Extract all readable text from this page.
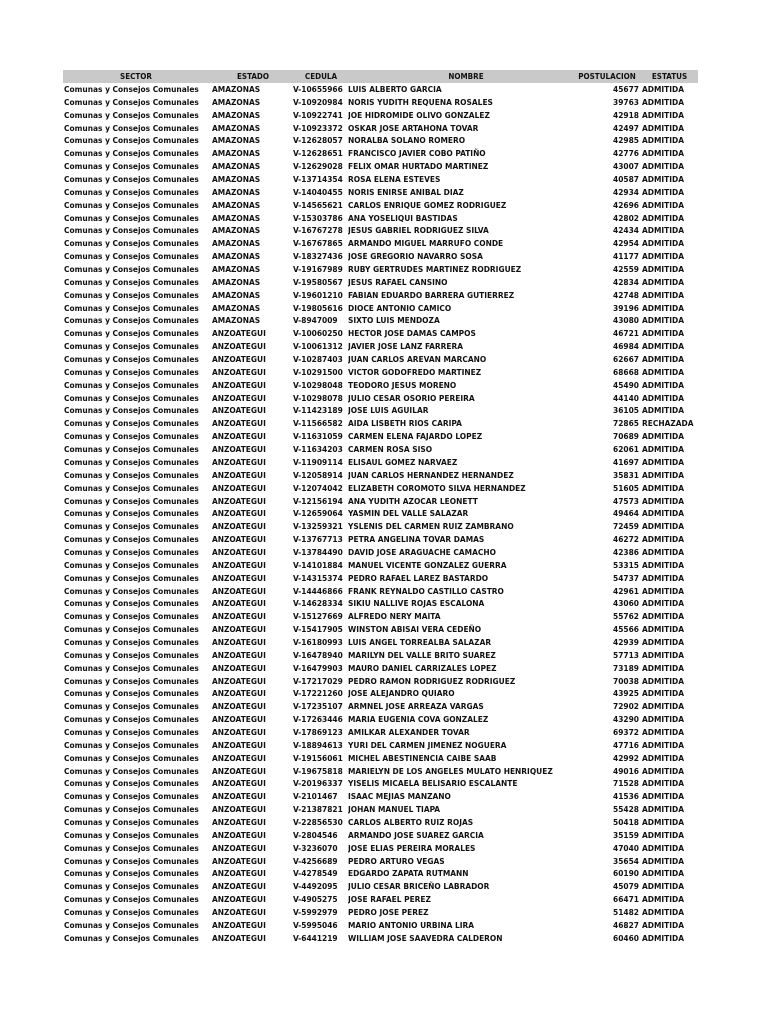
SECTOR	ESTADO	CEDULA	NOMBRE	POSTULACION	ESTATUS
Comunas y Consejos Comunales	AMAZONAS	V-10655966 LUIS ALBERTO GARCIA	45677 ADMITIDA
Comunas y Consejos Comunales	AMAZONAS	V-10920984 NORIS YUDITH REQUENA ROSALES	39763 ADMITIDA
Comunas y Consejos Comunales	AMAZONAS	V-10922741 JOE HIDROMIDE OLIVO GONZALEZ	42918 ADMITIDA
Comunas y Consejos Comunales	AMAZONAS	V-10923372 OSKAR JOSE ARTAHONA TOVAR	42497 ADMITIDA
Comunas y Consejos Comunales	AMAZONAS	V-12628057 NORALBA SOLANO ROMERO	42985 ADMITIDA
Comunas y Consejos Comunales	AMAZONAS	V-12628651 FRANCISCO JAVIER COBO PATIÑO	42776 ADMITIDA
Comunas y Consejos Comunales	AMAZONAS	V-12629028 FELIX OMAR HURTADO MARTINEZ	43007 ADMITIDA
Comunas y Consejos Comunales	AMAZONAS	V-13714354 ROSA ELENA ESTEVES	40587 ADMITIDA
Comunas y Consejos Comunales	AMAZONAS	V-14040455 NORIS ENIRSE ANIBAL DIAZ	42934 ADMITIDA
Comunas y Consejos Comunales	AMAZONAS	V-14565621 CARLOS ENRIQUE GOMEZ RODRIGUEZ	42696 ADMITIDA
Comunas y Consejos Comunales	AMAZONAS	V-15303786 ANA YOSELIQUI BASTIDAS	42802 ADMITIDA
Comunas y Consejos Comunales	AMAZONAS	V-16767278 JESUS GABRIEL RODRIGUEZ SILVA	42434 ADMITIDA
Comunas y Consejos Comunales	AMAZONAS	V-16767865 ARMANDO MIGUEL MARRUFO CONDE	42954 ADMITIDA
Comunas y Consejos Comunales	AMAZONAS	V-18327436 JOSE GREGORIO NAVARRO SOSA	41177 ADMITIDA
Comunas y Consejos Comunales	AMAZONAS	V-19167989 RUBY GERTRUDES MARTINEZ RODRIGUEZ	42559 ADMITIDA
Comunas y Consejos Comunales	AMAZONAS	V-19580567 JESUS RAFAEL CANSINO	42834 ADMITIDA
Comunas y Consejos Comunales	AMAZONAS	V-19601210 FABIAN EDUARDO BARRERA GUTIERREZ	42748 ADMITIDA
Comunas y Consejos Comunales	AMAZONAS	V-19805616 DIOCE ANTONIO CAMICO	39196 ADMITIDA
Comunas y Consejos Comunales	AMAZONAS	V-8947009	SIXTO LUIS MENDOZA	43080 ADMITIDA
Comunas y Consejos Comunales	ANZOATEGUI	V-10060250 HECTOR JOSE DAMAS CAMPOS	46721 ADMITIDA
Comunas y Consejos Comunales	ANZOATEGUI	V-10061312 JAVIER JOSE LANZ FARRERA	46984 ADMITIDA
Comunas y Consejos Comunales	ANZOATEGUI	V-10287403 JUAN CARLOS AREVAN MARCANO	62667 ADMITIDA
Comunas y Consejos Comunales	ANZOATEGUI	V-10291500 VICTOR GODOFREDO MARTINEZ	68668 ADMITIDA
Comunas y Consejos Comunales	ANZOATEGUI	V-10298048 TEODORO JESUS MORENO	45490 ADMITIDA
Comunas y Consejos Comunales	ANZOATEGUI	V-10298078 JULIO CESAR OSORIO PEREIRA	44140 ADMITIDA
Comunas y Consejos Comunales	ANZOATEGUI	V-11423189 JOSE LUIS AGUILAR	36105 ADMITIDA
Comunas y Consejos Comunales	ANZOATEGUI	V-11566582 AIDA LISBETH RIOS CARIPA	72865 RECHAZADA
Comunas y Consejos Comunales	ANZOATEGUI	V-11631059 CARMEN ELENA FAJARDO LOPEZ	70689 ADMITIDA
Comunas y Consejos Comunales	ANZOATEGUI	V-11634203 CARMEN ROSA SISO	62061 ADMITIDA
Comunas y Consejos Comunales	ANZOATEGUI	V-11909114 ELISAUL GOMEZ NARVAEZ	41697 ADMITIDA
Comunas y Consejos Comunales	ANZOATEGUI	V-12058914 JUAN CARLOS HERNANDEZ HERNANDEZ	35831 ADMITIDA
Comunas y Consejos Comunales	ANZOATEGUI	V-12074042 ELIZABETH COROMOTO SILVA HERNANDEZ	51605 ADMITIDA
Comunas y Consejos Comunales	ANZOATEGUI	V-12156194 ANA YUDITH AZOCAR LEONETT	47573 ADMITIDA
Comunas y Consejos Comunales	ANZOATEGUI	V-12659064 YASMIN DEL VALLE SALAZAR	49464 ADMITIDA
Comunas y Consejos Comunales	ANZOATEGUI	V-13259321 YSLENIS DEL CARMEN RUIZ ZAMBRANO	72459 ADMITIDA
Comunas y Consejos Comunales	ANZOATEGUI	V-13767713 PETRA ANGELINA TOVAR DAMAS	46272 ADMITIDA
Comunas y Consejos Comunales	ANZOATEGUI	V-13784490 DAVID JOSE ARAGUACHE CAMACHO	42386 ADMITIDA
Comunas y Consejos Comunales	ANZOATEGUI	V-14101884 MANUEL VICENTE GONZALEZ GUERRA	53315 ADMITIDA
Comunas y Consejos Comunales	ANZOATEGUI	V-14315374 PEDRO RAFAEL LAREZ BASTARDO	54737 ADMITIDA
Comunas y Consejos Comunales	ANZOATEGUI	V-14446866 FRANK REYNALDO CASTILLO CASTRO	42961 ADMITIDA
Comunas y Consejos Comunales	ANZOATEGUI	V-14628334 SIKIU NALLIVE ROJAS ESCALONA	43060 ADMITIDA
Comunas y Consejos Comunales	ANZOATEGUI	V-15127669 ALFREDO NERY MAITA	55762 ADMITIDA
Comunas y Consejos Comunales	ANZOATEGUI	V-15417905 WINSTON ABISAI VERA CEDEÑO	45566 ADMITIDA
Comunas y Consejos Comunales	ANZOATEGUI	V-16180993 LUIS ANGEL TORREALBA SALAZAR	42939 ADMITIDA
Comunas y Consejos Comunales	ANZOATEGUI	V-16478940 MARILYN DEL VALLE BRITO SUAREZ	57713 ADMITIDA
Comunas y Consejos Comunales	ANZOATEGUI	V-16479903 MAURO DANIEL CARRIZALES LOPEZ	73189 ADMITIDA
Comunas y Consejos Comunales	ANZOATEGUI	V-17217029 PEDRO RAMON RODRIGUEZ RODRIGUEZ	70038 ADMITIDA
Comunas y Consejos Comunales	ANZOATEGUI	V-17221260 JOSE ALEJANDRO QUIARO	43925 ADMITIDA
Comunas y Consejos Comunales	ANZOATEGUI	V-17235107 ARMNEL JOSE ARREAZA VARGAS	72902 ADMITIDA
Comunas y Consejos Comunales	ANZOATEGUI	V-17263446 MARIA EUGENIA COVA GONZALEZ	43290 ADMITIDA
Comunas y Consejos Comunales	ANZOATEGUI	V-17869123 AMILKAR ALEXANDER TOVAR	69372 ADMITIDA
Comunas y Consejos Comunales	ANZOATEGUI	V-18894613 YURI DEL CARMEN JIMENEZ NOGUERA	47716 ADMITIDA
Comunas y Consejos Comunales	ANZOATEGUI	V-19156061 MICHEL ABESTINENCIA CAIBE SAAB	42992 ADMITIDA
Comunas y Consejos Comunales	ANZOATEGUI	V-19675818 MARIELYN DE LOS ANGELES MULATO HENRIQUEZ	49016 ADMITIDA
Comunas y Consejos Comunales	ANZOATEGUI	V-20196337 YISELIS MICAELA BELISARIO ESCALANTE	71528 ADMITIDA
Comunas y Consejos Comunales	ANZOATEGUI	V-2101467	ISAAC MEJIAS MANZANO	41536 ADMITIDA
Comunas y Consejos Comunales	ANZOATEGUI	V-21387821 JOHAN MANUEL TIAPA	55428 ADMITIDA
Comunas y Consejos Comunales	ANZOATEGUI	V-22856530 CARLOS ALBERTO RUIZ ROJAS	50418 ADMITIDA
Comunas y Consejos Comunales	ANZOATEGUI	V-2804546	ARMANDO JOSE SUAREZ GARCIA	35159 ADMITIDA
Comunas y Consejos Comunales	ANZOATEGUI	V-3236070	JOSE ELIAS PEREIRA MORALES	47040 ADMITIDA
Comunas y Consejos Comunales	ANZOATEGUI	V-4256689	PEDRO ARTURO VEGAS	35654 ADMITIDA
Comunas y Consejos Comunales	ANZOATEGUI	V-4278549	EDGARDO ZAPATA RUTMANN	60190 ADMITIDA
Comunas y Consejos Comunales	ANZOATEGUI	V-4492095	JULIO CESAR BRICEÑO LABRADOR	45079 ADMITIDA
Comunas y Consejos Comunales	ANZOATEGUI	V-4905275	JOSE RAFAEL PEREZ	66471 ADMITIDA
Comunas y Consejos Comunales	ANZOATEGUI	V-5992979	PEDRO JOSE PEREZ	51482 ADMITIDA
Comunas y Consejos Comunales	ANZOATEGUI	V-5995046	MARIO ANTONIO URBINA LIRA	46827 ADMITIDA
Comunas y Consejos Comunales	ANZOATEGUI	V-6441219	WILLIAM JOSE SAAVEDRA CALDERON	60460 ADMITIDA
